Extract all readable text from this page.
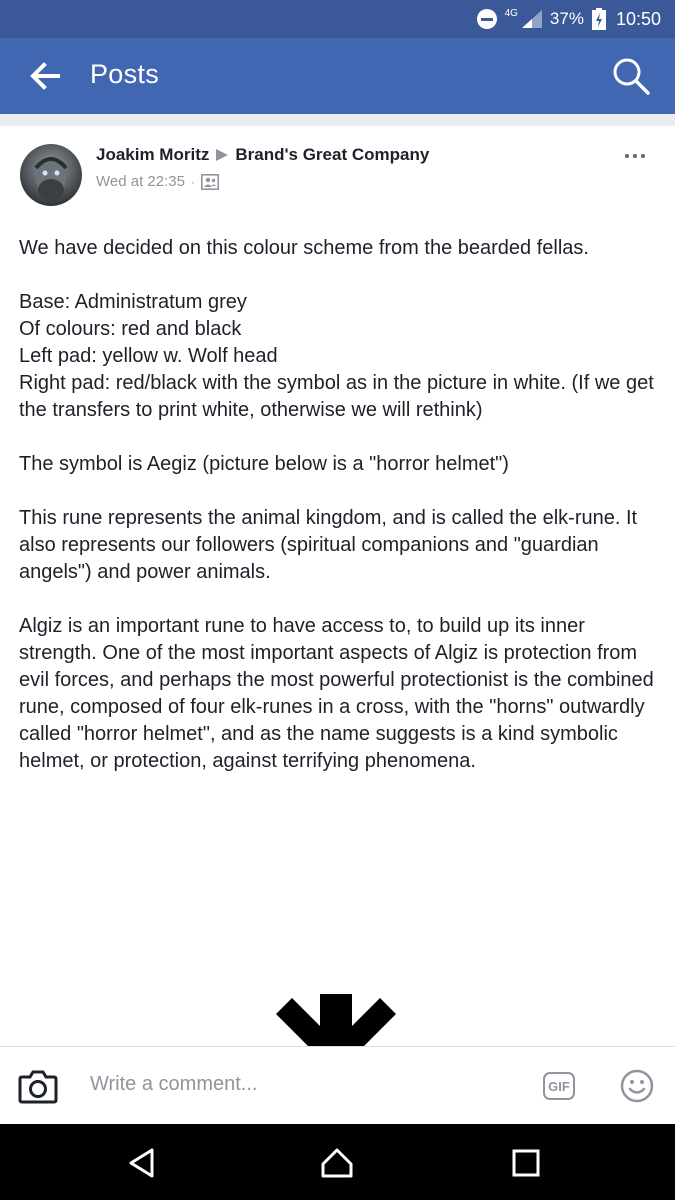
4G 37% 10:50
Posts
Joakim Moritz Brand's Great Company
Wed at 22:35 ·

We have decided on this colour scheme from the bearded fellas.

Base: Administratum grey
Of colours: red and black
Left pad: yellow w. Wolf head
Right pad: red/black with the symbol as in the picture in white. (If we get the transfers to print white, otherwise we will rethink)

The symbol is Aegiz (picture below is a "horror helmet")

This rune represents the animal kingdom, and is called the elk-rune. It also represents our followers (spiritual companions and "guardian angels") and power animals.

Algiz is an important rune to have access to, to build up its inner strength. One of the most important aspects of Algiz is protection from evil forces, and perhaps the most powerful protectionist is the combined rune, composed of four elk-runes in a cross, with the "horns" outwardly called "horror helmet", and as the name suggests is a kind symbolic helmet, or protection, against terrifying phenomena.

Write a comment...
GIF
